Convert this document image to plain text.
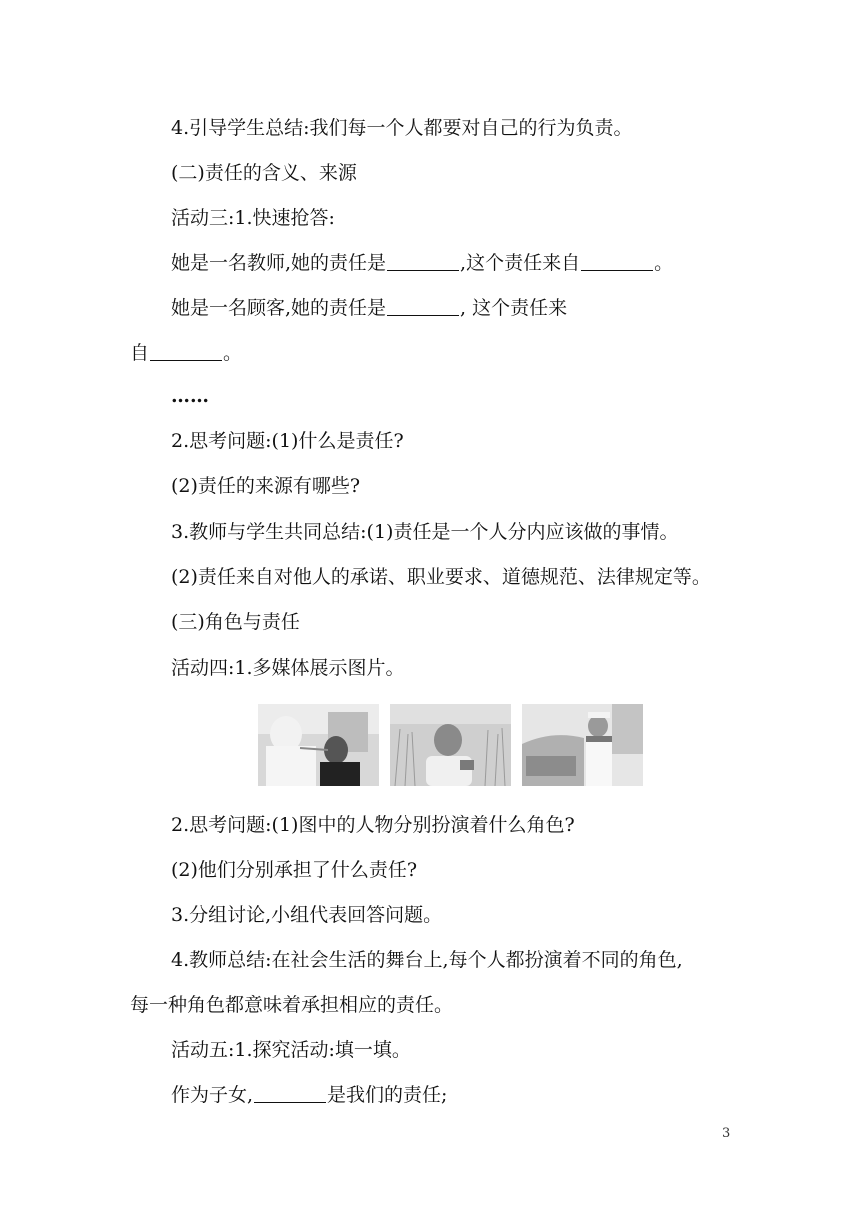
4.引导学生总结:我们每一个人都要对自己的行为负责。
(二)责任的含义、来源
活动三:1.快速抢答:
她是一名教师,她的责任是	,这个责任来自	。
她是一名顾客,她的责任是	, 这个责任来
自	。
……
2.思考问题:(1)什么是责任?
(2)责任的来源有哪些?
3.教师与学生共同总结:(1)责任是一个人分内应该做的事情。
(2)责任来自对他人的承诺、职业要求、道德规范、法律规定等。
(三)角色与责任
活动四:1.多媒体展示图片。
2.思考问题:(1)图中的人物分别扮演着什么角色?
(2)他们分别承担了什么责任?
3.分组讨论,小组代表回答问题。
4.教师总结:在社会生活的舞台上,每个人都扮演着不同的角色,
每一种角色都意味着承担相应的责任。
活动五:1.探究活动:填一填。
作为子女,	是我们的责任;
3
